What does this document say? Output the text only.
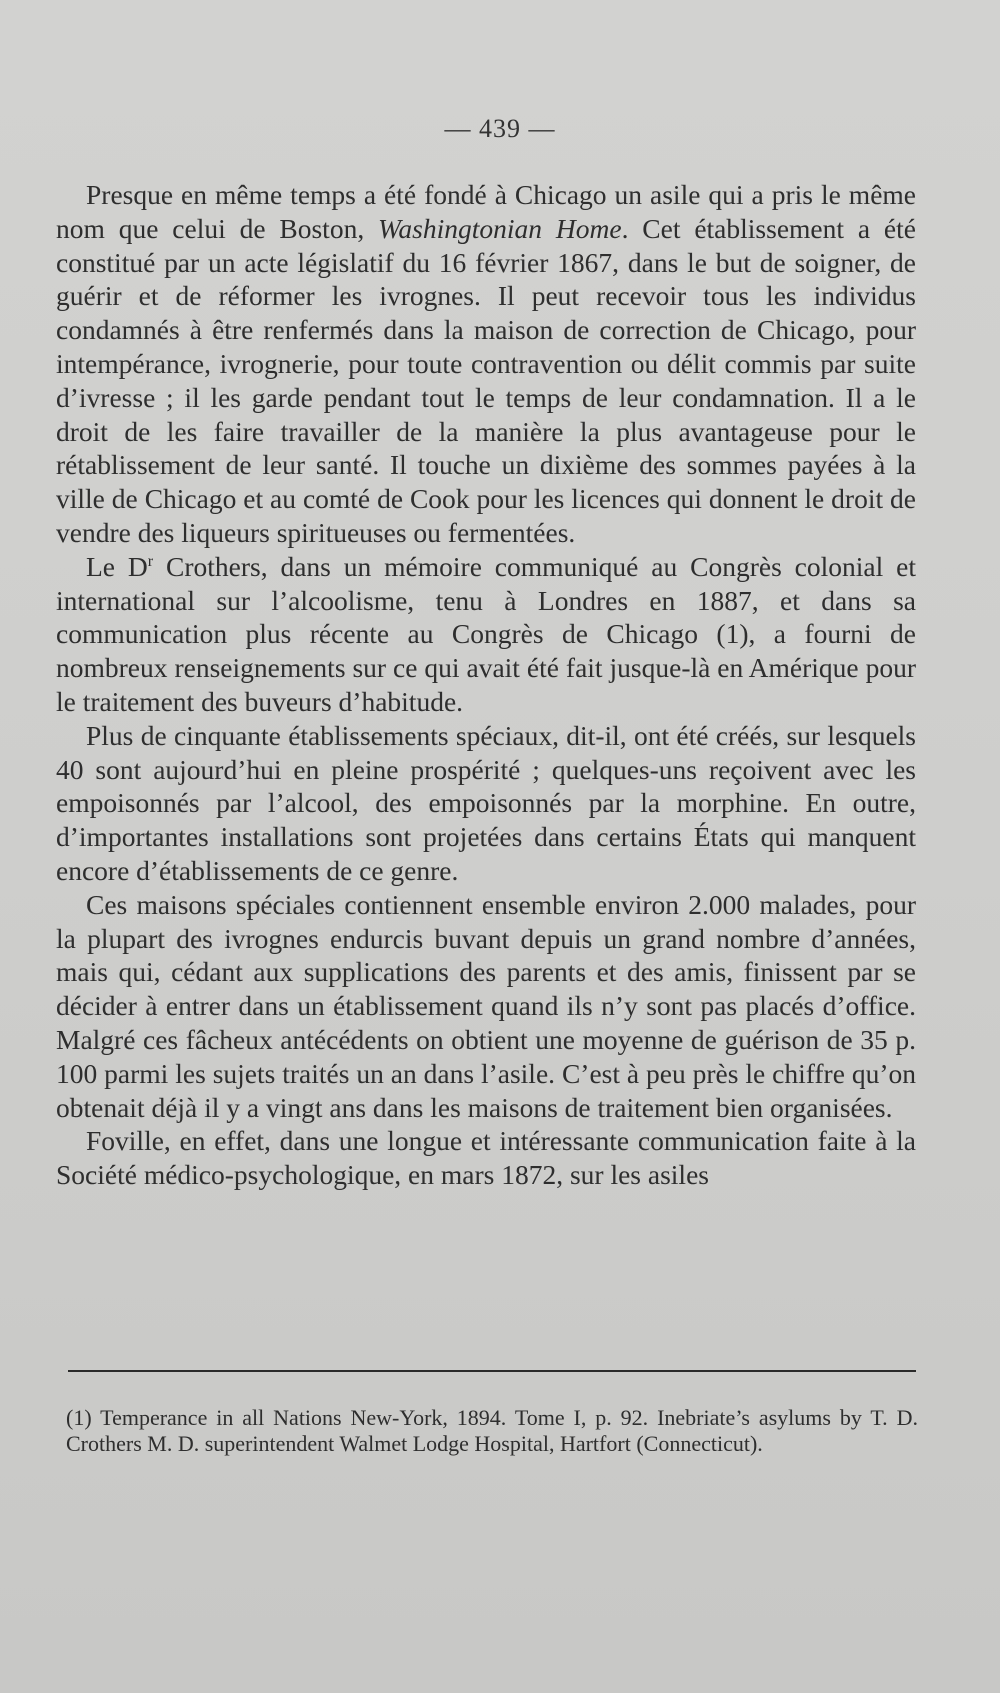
— 439 —

Presque en même temps a été fondé à Chicago un asile qui a pris le même nom que celui de Boston, Washingtonian Home. Cet établissement a été constitué par un acte législatif du 16 février 1867, dans le but de soigner, de guérir et de réformer les ivrognes. Il peut recevoir tous les individus condamnés à être renfermés dans la maison de correction de Chicago, pour intempérance, ivrognerie, pour toute contravention ou délit commis par suite d’ivresse ; il les garde pendant tout le temps de leur condamnation. Il a le droit de les faire travailler de la manière la plus avantageuse pour le rétablissement de leur santé. Il touche un dixième des sommes payées à la ville de Chicago et au comté de Cook pour les licences qui donnent le droit de vendre des liqueurs spiritueuses ou fermentées.

Le $D^r$ Crothers, dans un mémoire communiqué au Congrès colonial et international sur l’alcoolisme, tenu à Londres en 1887, et dans sa communication plus récente au Congrès de Chicago (1), a fourni de nombreux renseignements sur ce qui avait été fait jusque-là en Amérique pour le traitement des buveurs d’habitude.

Plus de cinquante établissements spéciaux, dit-il, ont été créés, sur lesquels 40 sont aujourd’hui en pleine prospérité ; quelques-uns reçoivent avec les empoisonnés par l’alcool, des empoisonnés par la morphine. En outre, d’importantes installations sont projetées dans certains États qui manquent encore d’établissements de ce genre.

Ces maisons spéciales contiennent ensemble environ 2.000 malades, pour la plupart des ivrognes endurcis buvant depuis un grand nombre d’années, mais qui, cédant aux supplications des parents et des amis, finissent par se décider à entrer dans un établissement quand ils n’y sont pas placés d’office. Malgré ces fâcheux antécédents on obtient une moyenne de guérison de 35 p. 100 parmi les sujets traités un an dans l’asile. C’est à peu près le chiffre qu’on obtenait déjà il y a vingt ans dans les maisons de traitement bien organisées.

Foville, en effet, dans une longue et intéressante communication faite à la Société médico-psychologique, en mars 1872, sur les asiles

(1) Temperance in all Nations New-York, 1894. Tome I, p. 92. Inebriate’s asylums by T. D. Crothers M. D. superintendent Walmet Lodge Hospital, Hartfort (Connecticut).
